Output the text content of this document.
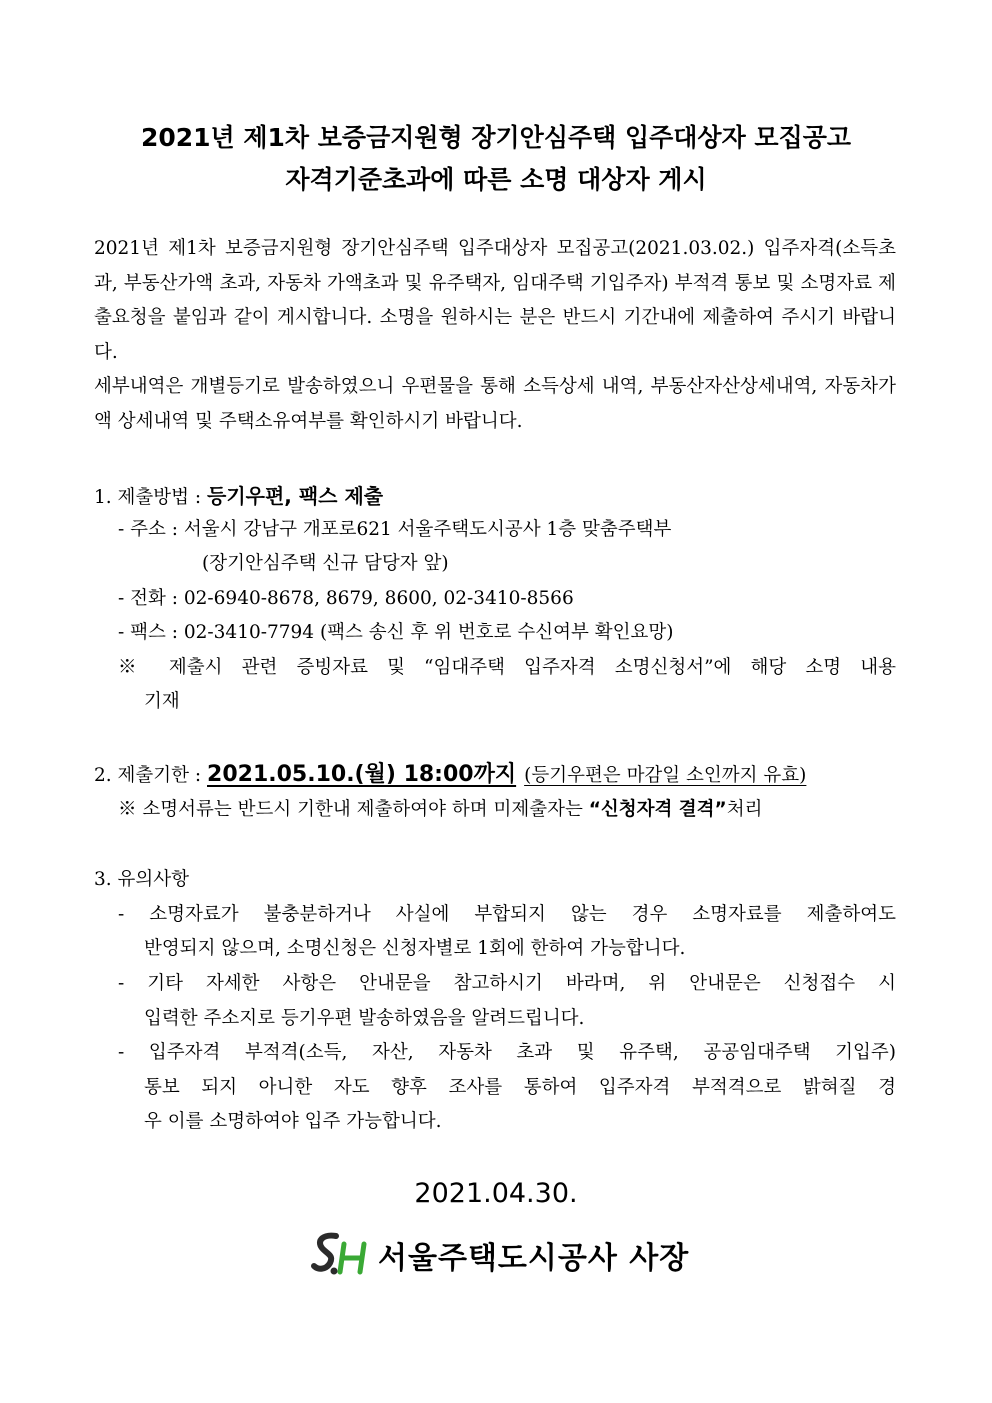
2021년 제1차 보증금지원형 장기안심주택 입주대상자 모집공고
자격기준초과에 따른 소명 대상자 게시

2021년 제1차 보증금지원형 장기안심주택 입주대상자 모집공고(2021.03.02.) 입주자격(소득초과, 부동산가액 초과, 자동차 가액초과 및 유주택자, 임대주택 기입주자) 부적격 통보 및 소명자료 제출요청을 붙임과 같이 게시합니다. 소명을 원하시는 분은 반드시 기간내에 제출하여 주시기 바랍니다.

세부내역은 개별등기로 발송하였으니 우편물을 통해 소득상세 내역, 부동산자산상세내역, 자동차가액 상세내역 및 주택소유여부를 확인하시기 바랍니다.

1. 제출방법 : 등기우편, 팩스 제출
- 주소 : 서울시 강남구 개포로621 서울주택도시공사 1층 맞춤주택부
(장기안심주택 신규 담당자 앞)
- 전화 : 02-6940-8678, 8679, 8600, 02-3410-8566
- 팩스 : 02-3410-7794 (팩스 송신 후 위 번호로 수신여부 확인요망)
※ 제출시 관련 증빙자료 및 “임대주택 입주자격 소명신청서”에 해당 소명 내용
기재
2. 제출기한 : 2021.05.10.(월) 18:00까지 (등기우편은 마감일 소인까지 유효)
※ 소명서류는 반드시 기한내 제출하여야 하며 미제출자는 “신청자격 결격”처리
3. 유의사항
- 소명자료가 불충분하거나 사실에 부합되지 않는 경우 소명자료를 제출하여도
반영되지 않으며, 소명신청은 신청자별로 1회에 한하여 가능합니다.
- 기타 자세한 사항은 안내문을 참고하시기 바라며, 위 안내문은 신청접수 시
입력한 주소지로 등기우편 발송하였음을 알려드립니다.
- 입주자격 부적격(소득, 자산, 자동차 초과 및 유주택, 공공임대주택 기입주)
통보 되지 아니한 자도 향후 조사를 통하여 입주자격 부적격으로 밝혀질 경
우 이를 소명하여야 입주 가능합니다.
2021.04.30.
서울주택도시공사 사장
